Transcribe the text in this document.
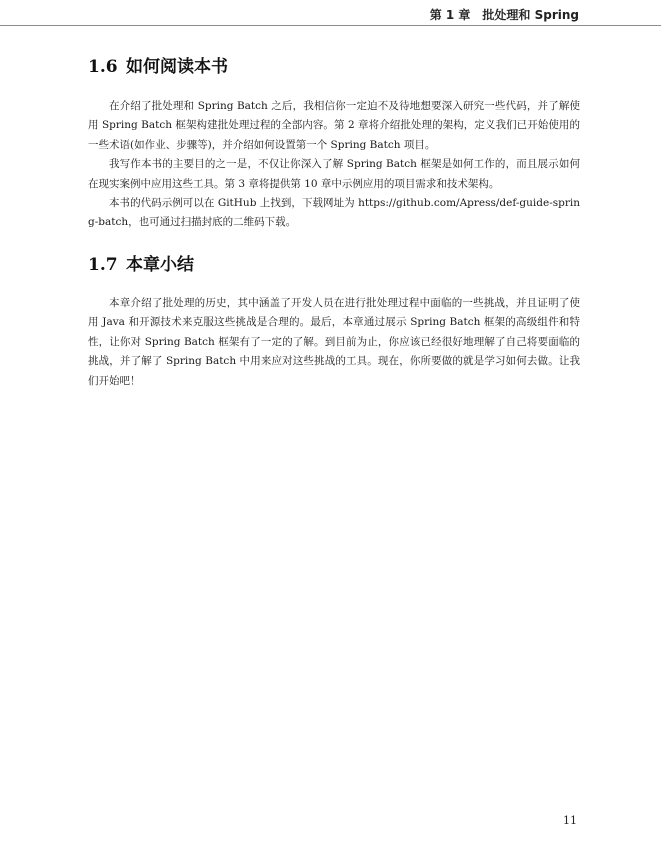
第 1 章　批处理和 Spring
1.6 如何阅读本书

在介绍了批处理和 Spring Batch 之后，我相信你一定迫不及待地想要深入研究一些代码，并了解使用 Spring Batch 框架构建批处理过程的全部内容。第 2 章将介绍批处理的架构，定义我们已开始使用的一些术语(如作业、步骤等)，并介绍如何设置第一个 Spring Batch 项目。

我写作本书的主要目的之一是，不仅让你深入了解 Spring Batch 框架是如何工作的，而且展示如何在现实案例中应用这些工具。第 3 章将提供第 10 章中示例应用的项目需求和技术架构。

本书的代码示例可以在 GitHub 上找到，下载网址为 https://github.com/Apress/def-guide-spring-batch，也可通过扫描封底的二维码下载。

1.7 本章小结

本章介绍了批处理的历史，其中涵盖了开发人员在进行批处理过程中面临的一些挑战，并且证明了使用 Java 和开源技术来克服这些挑战是合理的。最后，本章通过展示 Spring Batch 框架的高级组件和特性，让你对 Spring Batch 框架有了一定的了解。到目前为止，你应该已经很好地理解了自己将要面临的挑战，并了解了 Spring Batch 中用来应对这些挑战的工具。现在，你所要做的就是学习如何去做。让我们开始吧！

11
